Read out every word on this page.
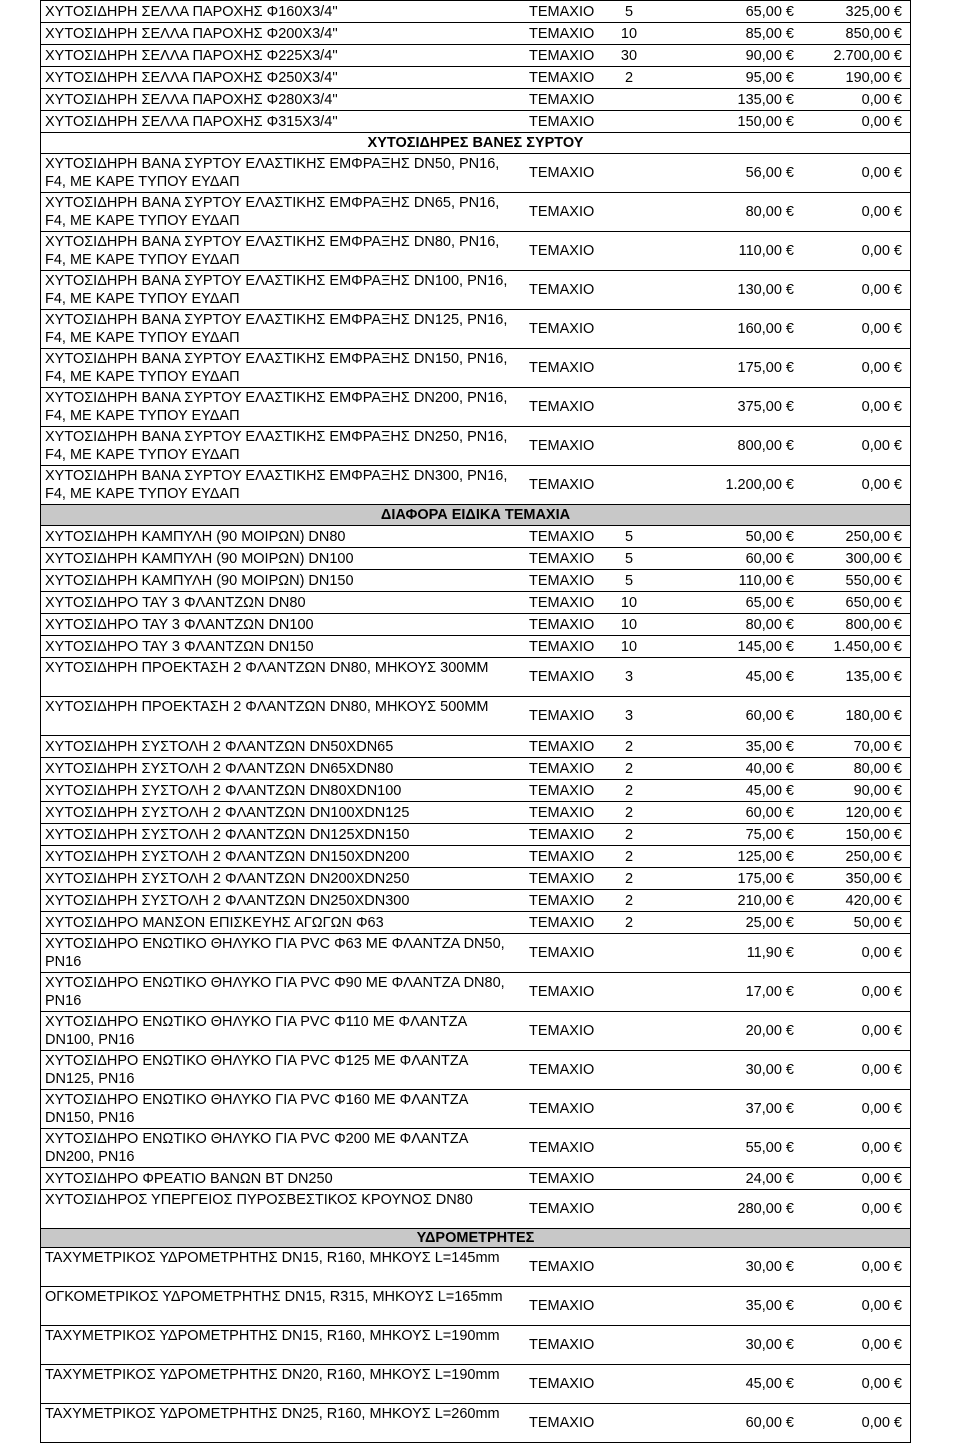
ΧΥΤΟΣΙΔΗΡΗ ΣΕΛΛΑ ΠΑΡΟΧΗΣ Φ160Χ3/4''	ΤΕΜΑΧΙΟ	5	65,00 €	325,00 €
ΧΥΤΟΣΙΔΗΡΗ ΣΕΛΛΑ ΠΑΡΟΧΗΣ Φ200Χ3/4''	ΤΕΜΑΧΙΟ	10	85,00 €	850,00 €
ΧΥΤΟΣΙΔΗΡΗ ΣΕΛΛΑ ΠΑΡΟΧΗΣ Φ225Χ3/4''	ΤΕΜΑΧΙΟ	30	90,00 €	2.700,00 €
ΧΥΤΟΣΙΔΗΡΗ ΣΕΛΛΑ ΠΑΡΟΧΗΣ Φ250Χ3/4''	ΤΕΜΑΧΙΟ	2	95,00 €	190,00 €
ΧΥΤΟΣΙΔΗΡΗ ΣΕΛΛΑ ΠΑΡΟΧΗΣ Φ280Χ3/4''	ΤΕΜΑΧΙΟ	135,00 €	0,00 €
ΧΥΤΟΣΙΔΗΡΗ ΣΕΛΛΑ ΠΑΡΟΧΗΣ Φ315Χ3/4''	ΤΕΜΑΧΙΟ	150,00 €	0,00 €
ΧΥΤΟΣΙΔΗΡΕΣ ΒΑΝΕΣ ΣΥΡΤΟΥ
ΧΥΤΟΣΙΔΗΡΗ ΒΑΝΑ ΣΥΡΤΟΥ ΕΛΑΣΤΙΚΗΣ ΕΜΦΡΑΞΗΣ DN50, PN16, F4, ΜΕ ΚΑΡΕ ΤΥΠΟΥ ΕΥΔΑΠ
ΤΕΜΑΧΙΟ	56,00 €	0,00 €
ΧΥΤΟΣΙΔΗΡΗ ΒΑΝΑ ΣΥΡΤΟΥ ΕΛΑΣΤΙΚΗΣ ΕΜΦΡΑΞΗΣ DN65, PN16, F4, ΜΕ ΚΑΡΕ ΤΥΠΟΥ ΕΥΔΑΠ
ΤΕΜΑΧΙΟ	80,00 €	0,00 €
ΧΥΤΟΣΙΔΗΡΗ ΒΑΝΑ ΣΥΡΤΟΥ ΕΛΑΣΤΙΚΗΣ ΕΜΦΡΑΞΗΣ DN80, PN16, F4, ΜΕ ΚΑΡΕ ΤΥΠΟΥ ΕΥΔΑΠ
ΤΕΜΑΧΙΟ	110,00 €	0,00 €
ΧΥΤΟΣΙΔΗΡΗ ΒΑΝΑ ΣΥΡΤΟΥ ΕΛΑΣΤΙΚΗΣ ΕΜΦΡΑΞΗΣ DN100, PN16, F4, ΜΕ ΚΑΡΕ ΤΥΠΟΥ ΕΥΔΑΠ
ΤΕΜΑΧΙΟ	130,00 €	0,00 €
ΧΥΤΟΣΙΔΗΡΗ ΒΑΝΑ ΣΥΡΤΟΥ ΕΛΑΣΤΙΚΗΣ ΕΜΦΡΑΞΗΣ DN125, PN16, F4, ΜΕ ΚΑΡΕ ΤΥΠΟΥ ΕΥΔΑΠ
ΤΕΜΑΧΙΟ	160,00 €	0,00 €
ΧΥΤΟΣΙΔΗΡΗ ΒΑΝΑ ΣΥΡΤΟΥ ΕΛΑΣΤΙΚΗΣ ΕΜΦΡΑΞΗΣ DN150, PN16, F4, ΜΕ ΚΑΡΕ ΤΥΠΟΥ ΕΥΔΑΠ
ΤΕΜΑΧΙΟ	175,00 €	0,00 €
ΧΥΤΟΣΙΔΗΡΗ ΒΑΝΑ ΣΥΡΤΟΥ ΕΛΑΣΤΙΚΗΣ ΕΜΦΡΑΞΗΣ DN200, PN16, F4, ΜΕ ΚΑΡΕ ΤΥΠΟΥ ΕΥΔΑΠ
ΤΕΜΑΧΙΟ	375,00 €	0,00 €
ΧΥΤΟΣΙΔΗΡΗ ΒΑΝΑ ΣΥΡΤΟΥ ΕΛΑΣΤΙΚΗΣ ΕΜΦΡΑΞΗΣ DN250, PN16, F4, ΜΕ ΚΑΡΕ ΤΥΠΟΥ ΕΥΔΑΠ
ΤΕΜΑΧΙΟ	800,00 €	0,00 €
ΧΥΤΟΣΙΔΗΡΗ ΒΑΝΑ ΣΥΡΤΟΥ ΕΛΑΣΤΙΚΗΣ ΕΜΦΡΑΞΗΣ DN300, PN16, F4, ΜΕ ΚΑΡΕ ΤΥΠΟΥ ΕΥΔΑΠ
ΤΕΜΑΧΙΟ	1.200,00 €	0,00 €
ΔΙΑΦΟΡΑ ΕΙΔΙΚΑ ΤΕΜΑΧΙΑ
ΧΥΤΟΣΙΔΗΡΗ ΚΑΜΠΥΛΗ (90 ΜΟΙΡΩΝ) DN80	ΤΕΜΑΧΙΟ	5	50,00 €	250,00 €
ΧΥΤΟΣΙΔΗΡΗ ΚΑΜΠΥΛΗ (90 ΜΟΙΡΩΝ) DN100	ΤΕΜΑΧΙΟ	5	60,00 €	300,00 €
ΧΥΤΟΣΙΔΗΡΗ ΚΑΜΠΥΛΗ (90 ΜΟΙΡΩΝ) DN150	ΤΕΜΑΧΙΟ	5	110,00 €	550,00 €
ΧΥΤΟΣΙΔΗΡΟ ΤΑΥ 3 ΦΛΑΝΤΖΩΝ DN80	ΤΕΜΑΧΙΟ	10	65,00 €	650,00 €
ΧΥΤΟΣΙΔΗΡΟ ΤΑΥ 3 ΦΛΑΝΤΖΩΝ DN100	ΤΕΜΑΧΙΟ	10	80,00 €	800,00 €
ΧΥΤΟΣΙΔΗΡΟ ΤΑΥ 3 ΦΛΑΝΤΖΩΝ DN150	ΤΕΜΑΧΙΟ	10	145,00 €	1.450,00 €
ΧΥΤΟΣΙΔΗΡΗ ΠΡΟΕΚΤΑΣΗ 2 ΦΛΑΝΤΖΩΝ DN80, ΜΗΚΟΥΣ 300ΜΜ
ΤΕΜΑΧΙΟ	3	45,00 €	135,00 €
ΧΥΤΟΣΙΔΗΡΗ ΠΡΟΕΚΤΑΣΗ 2 ΦΛΑΝΤΖΩΝ DN80, ΜΗΚΟΥΣ 500ΜΜ
ΤΕΜΑΧΙΟ	3	60,00 €	180,00 €
ΧΥΤΟΣΙΔΗΡΗ ΣΥΣΤΟΛΗ 2 ΦΛΑΝΤΖΩΝ DN50XDN65	ΤΕΜΑΧΙΟ	2	35,00 €	70,00 €
ΧΥΤΟΣΙΔΗΡΗ ΣΥΣΤΟΛΗ 2 ΦΛΑΝΤΖΩΝ DN65XDN80	ΤΕΜΑΧΙΟ	2	40,00 €	80,00 €
ΧΥΤΟΣΙΔΗΡΗ ΣΥΣΤΟΛΗ 2 ΦΛΑΝΤΖΩΝ DN80XDN100	ΤΕΜΑΧΙΟ	2	45,00 €	90,00 €
ΧΥΤΟΣΙΔΗΡΗ ΣΥΣΤΟΛΗ 2 ΦΛΑΝΤΖΩΝ DN100XDN125	ΤΕΜΑΧΙΟ	2	60,00 €	120,00 €
ΧΥΤΟΣΙΔΗΡΗ ΣΥΣΤΟΛΗ 2 ΦΛΑΝΤΖΩΝ DN125XDN150	ΤΕΜΑΧΙΟ	2	75,00 €	150,00 €
ΧΥΤΟΣΙΔΗΡΗ ΣΥΣΤΟΛΗ 2 ΦΛΑΝΤΖΩΝ DN150XDN200	ΤΕΜΑΧΙΟ	2	125,00 €	250,00 €
ΧΥΤΟΣΙΔΗΡΗ ΣΥΣΤΟΛΗ 2 ΦΛΑΝΤΖΩΝ DN200XDN250	ΤΕΜΑΧΙΟ	2	175,00 €	350,00 €
ΧΥΤΟΣΙΔΗΡΗ ΣΥΣΤΟΛΗ 2 ΦΛΑΝΤΖΩΝ DN250XDN300	ΤΕΜΑΧΙΟ	2	210,00 €	420,00 €
ΧΥΤΟΣΙΔΗΡΟ ΜΑΝΣΟΝ ΕΠΙΣΚΕΥΗΣ ΑΓΩΓΩΝ Φ63	ΤΕΜΑΧΙΟ	2	25,00 €	50,00 €
ΧΥΤΟΣΙΔΗΡΟ ΕΝΩΤΙΚΟ ΘΗΛΥΚΟ ΓΙΑ PVC Φ63 ΜΕ ΦΛΑΝΤΖΑ DN50, PN16
ΤΕΜΑΧΙΟ	11,90 €	0,00 €
ΧΥΤΟΣΙΔΗΡΟ ΕΝΩΤΙΚΟ ΘΗΛΥΚΟ ΓΙΑ PVC Φ90 ΜΕ ΦΛΑΝΤΖΑ DN80, PN16
ΤΕΜΑΧΙΟ	17,00 €	0,00 €
ΧΥΤΟΣΙΔΗΡΟ ΕΝΩΤΙΚΟ ΘΗΛΥΚΟ ΓΙΑ PVC Φ110 ΜΕ ΦΛΑΝΤΖΑ DN100, PN16
ΤΕΜΑΧΙΟ	20,00 €	0,00 €
ΧΥΤΟΣΙΔΗΡΟ ΕΝΩΤΙΚΟ ΘΗΛΥΚΟ ΓΙΑ PVC Φ125 ΜΕ ΦΛΑΝΤΖΑ DN125, PN16
ΤΕΜΑΧΙΟ	30,00 €	0,00 €
ΧΥΤΟΣΙΔΗΡΟ ΕΝΩΤΙΚΟ ΘΗΛΥΚΟ ΓΙΑ PVC Φ160 ΜΕ ΦΛΑΝΤΖΑ DN150, PN16
ΤΕΜΑΧΙΟ	37,00 €	0,00 €
ΧΥΤΟΣΙΔΗΡΟ ΕΝΩΤΙΚΟ ΘΗΛΥΚΟ ΓΙΑ PVC Φ200 ΜΕ ΦΛΑΝΤΖΑ DN200, PN16
ΤΕΜΑΧΙΟ	55,00 €	0,00 €
ΧΥΤΟΣΙΔΗΡΟ ΦΡΕΑΤΙΟ ΒΑΝΩΝ ΒΤ DN250	ΤΕΜΑΧΙΟ	24,00 €	0,00 €
ΧΥΤΟΣΙΔΗΡΟΣ ΥΠΕΡΓΕΙΟΣ ΠΥΡΟΣΒΕΣΤΙΚΟΣ ΚΡΟΥΝΟΣ DN80
ΤΕΜΑΧΙΟ	280,00 €	0,00 €
ΥΔΡΟΜΕΤΡΗΤΕΣ
ΤΑΧΥΜΕΤΡΙΚΟΣ ΥΔΡΟΜΕΤΡΗΤΗΣ DN15, R160, ΜΗΚΟΥΣ L=145mm
ΤΕΜΑΧΙΟ	30,00 €	0,00 €
ΟΓΚΟΜΕΤΡΙΚΟΣ ΥΔΡΟΜΕΤΡΗΤΗΣ DN15, R315, ΜΗΚΟΥΣ L=165mm
ΤΕΜΑΧΙΟ	35,00 €	0,00 €
ΤΑΧΥΜΕΤΡΙΚΟΣ ΥΔΡΟΜΕΤΡΗΤΗΣ DN15, R160, ΜΗΚΟΥΣ L=190mm
ΤΕΜΑΧΙΟ	30,00 €	0,00 €
ΤΑΧΥΜΕΤΡΙΚΟΣ ΥΔΡΟΜΕΤΡΗΤΗΣ DN20, R160, ΜΗΚΟΥΣ L=190mm
ΤΕΜΑΧΙΟ	45,00 €	0,00 €
ΤΑΧΥΜΕΤΡΙΚΟΣ ΥΔΡΟΜΕΤΡΗΤΗΣ DN25, R160, ΜΗΚΟΥΣ L=260mm
ΤΕΜΑΧΙΟ	60,00 €	0,00 €
